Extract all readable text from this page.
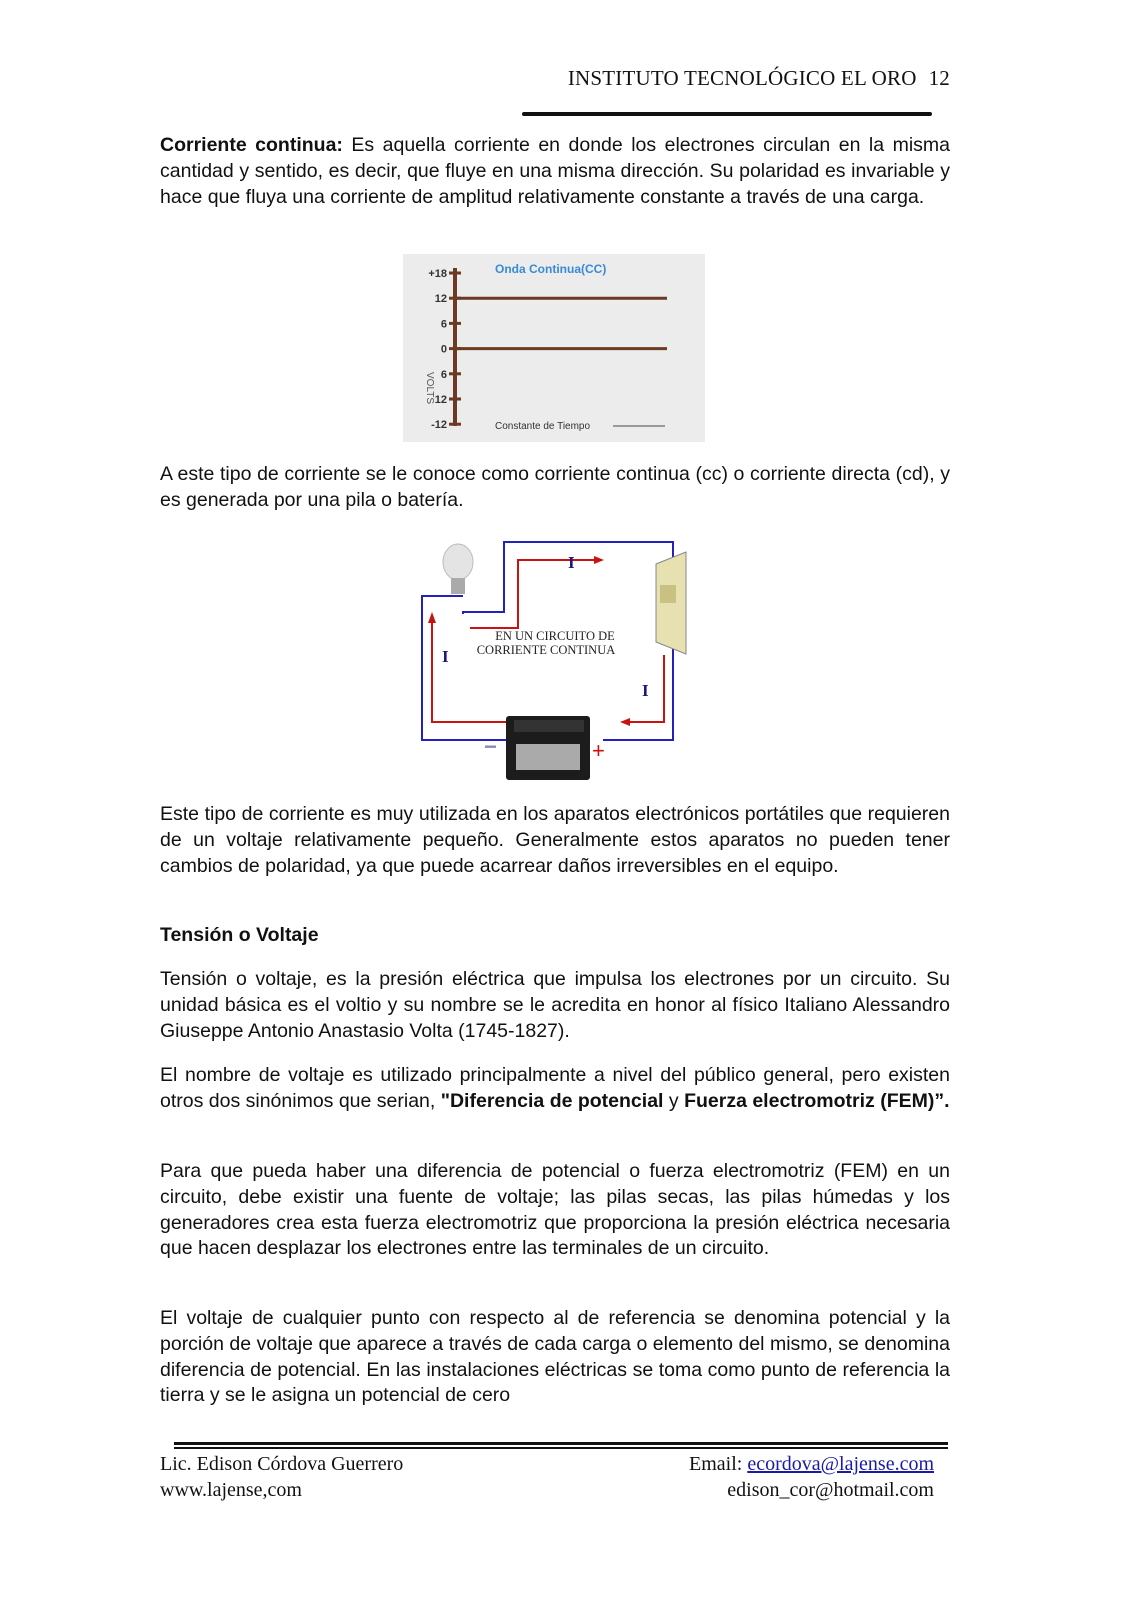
INSTITUTO TECNOLÓGICO EL ORO 12

Corriente continua: Es aquella corriente en donde los electrones circulan en la misma cantidad y sentido, es decir, que fluye en una misma dirección. Su polaridad es invariable y hace que fluya una corriente de amplitud relativamente constante a través de una carga.

Onda Continua(CC)
VOLTS
Constante de Tiempo
+18
12
6
0
6
12
-12

A este tipo de corriente se le conoce como corriente continua (cc) o corriente directa (cd), y es generada por una pila o batería.

EN UN CIRCUITO DE
CORRIENTE CONTINUA
I
I
I
−	+

Este tipo de corriente es muy utilizada en los aparatos electrónicos portátiles que requieren de un voltaje relativamente pequeño. Generalmente estos aparatos no pueden tener cambios de polaridad, ya que puede acarrear daños irreversibles en el equipo.

Tensión o Voltaje

Tensión o voltaje, es la presión eléctrica que impulsa los electrones por un circuito. Su unidad básica es el voltio y su nombre se le acredita en honor al físico Italiano Alessandro Giuseppe Antonio Anastasio Volta (1745-1827).

El nombre de voltaje es utilizado principalmente a nivel del público general, pero existen otros dos sinónimos que serian, "Diferencia de potencial y Fuerza electromotriz (FEM)”.

Para que pueda haber una diferencia de potencial o fuerza electromotriz (FEM) en un circuito, debe existir una fuente de voltaje; las pilas secas, las pilas húmedas y los generadores crea esta fuerza electromotriz que proporciona la presión eléctrica necesaria que hacen desplazar los electrones entre las terminales de un circuito.

El voltaje de cualquier punto con respecto al de referencia se denomina potencial y la porción de voltaje que aparece a través de cada carga o elemento del mismo, se denomina diferencia de potencial. En las instalaciones eléctricas se toma como punto de referencia la tierra y se le asigna un potencial de cero

Lic. Edison Córdova Guerrero
www.lajense,com
Email: ecordova@lajense.com
edison_cor@hotmail.com
